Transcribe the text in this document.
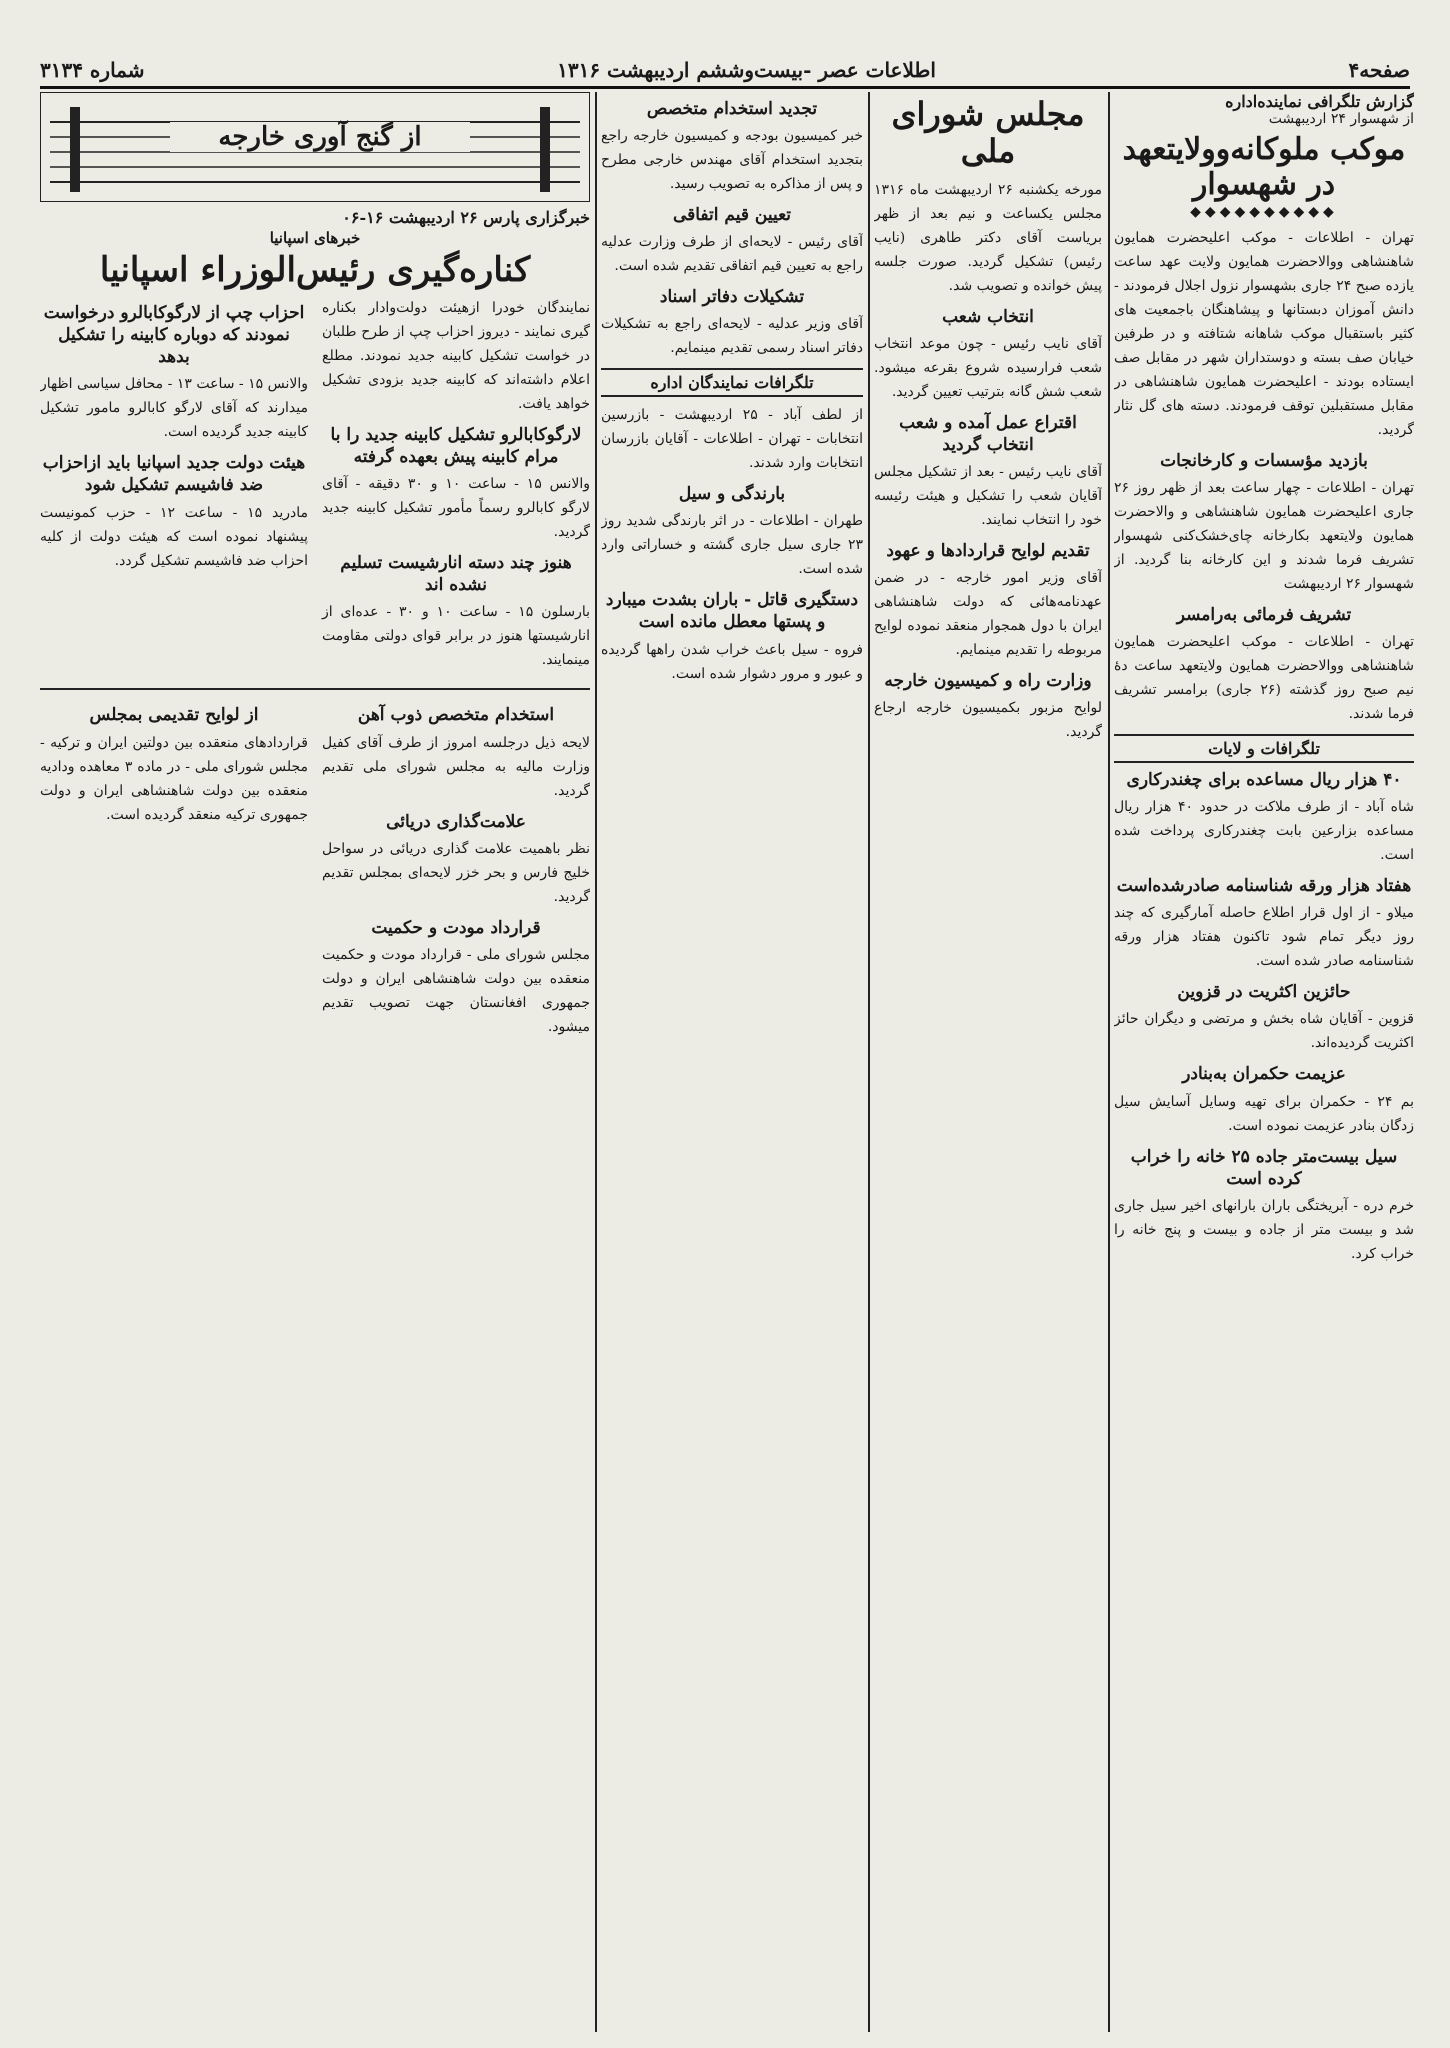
صفحه۴
اطلاعات عصر -بیست‌وششم اردیبهشت ۱۳۱۶
شماره ۳۱۳۴
گزارش تلگرافی نماینده‌اداره
از شهسوار ۲۴ اردیبهشت
موکب ملوکانه‌وولایتعهد در شهسوار
◆◆◆◆◆◆◆◆◆◆

تهران - اطلاعات - موکب اعلیحضرت همایون شاهنشاهی ووالاحضرت همایون ولایت عهد ساعت یازده صبح ۲۴ جاری بشهسوار نزول اجلال فرمودند - دانش آموزان دبستانها و پیشاهنگان باجمعیت های کثیر باستقبال موکب شاهانه شتافته و در طرفین خیابان صف بسته و دوستداران شهر در مقابل صف ایستاده بودند - اعلیحضرت همایون شاهنشاهی در مقابل مستقبلین توقف فرمودند. دسته های گل نثار گردید.

بازدید مؤسسات و کارخانجات

تهران - اطلاعات - چهار ساعت بعد از ظهر روز ۲۶ جاری اعلیحضرت همایون شاهنشاهی و والاحضرت همایون ولایتعهد بکارخانه چای‌خشک‌کنی شهسوار تشریف فرما شدند و این کارخانه بنا گردید. از شهسوار ۲۶ اردیبهشت

تشریف فرمائی به‌رامسر

تهران - اطلاعات - موکب اعلیحضرت همایون شاهنشاهی ووالاحضرت همایون ولایتعهد ساعت دهٔ نیم صبح روز گذشته (۲۶ جاری) برامسر تشریف فرما شدند.

تلگرافات و لایات
۴۰ هزار ریال مساعده برای چغندرکاری

شاه آباد - از طرف ملاکت در حدود ۴۰ هزار ریال مساعده بزارعین بابت چغندرکاری پرداخت شده است.

هفتاد هزار ورقه شناسنامه صادرشده‌است

میلاو - از اول قرار اطلاع حاصله آمارگیری که چند روز دیگر تمام شود تاکنون هفتاد هزار ورقه شناسنامه صادر شده است.

حائزین اکثریت در قزوین

قزوین - آقایان شاه بخش و مرتضی و دیگران حائز اکثریت گردیده‌اند.

عزیمت حکمران به‌بنادر

بم ۲۴ - حکمران برای تهیه وسایل آسایش سیل زدگان بنادر عزیمت نموده است.

سیل بیست‌متر جاده ۲۵ خانه را خراب کرده است

خرم دره - آبریختگی باران بارانهای اخیر سیل جاری شد و بیست متر از جاده و بیست و پنج خانه را خراب کرد.

مجلس شورای ملی

مورخه یکشنبه ۲۶ اردیبهشت ماه ۱۳۱۶ مجلس یکساعت و نیم بعد از ظهر بریاست آقای دکتر طاهری (نایب رئیس) تشکیل گردید. صورت جلسه پیش خوانده و تصویب شد.

انتخاب شعب

آقای نایب رئیس - چون موعد انتخاب شعب فرارسیده شروع بقرعه میشود. شعب شش گانه بترتیب تعیین گردید.

اقتراع عمل آمده و شعب انتخاب گردید

آقای نایب رئیس - بعد از تشکیل مجلس آقایان شعب را تشکیل و هیئت رئیسه خود را انتخاب نمایند.

تقدیم لوایح قراردادها و عهود

آقای وزیر امور خارجه - در ضمن عهدنامه‌هائی که دولت شاهنشاهی ایران با دول همجوار منعقد نموده لوایح مربوطه را تقدیم مینمایم.

وزارت راه و کمیسیون خارجه

لوایح مزبور بکمیسیون خارجه ارجاع گردید.

تجدید استخدام متخصص

خبر کمیسیون بودجه و کمیسیون خارجه راجع بتجدید استخدام آقای مهندس خارجی مطرح و پس از مذاکره به تصویب رسید.

تعیین قیم اتفاقی

آقای رئیس - لایحه‌ای از طرف وزارت عدلیه راجع به تعیین قیم اتفاقی تقدیم شده است.

تشکیلات دفاتر اسناد

آقای وزیر عدلیه - لایحه‌ای راجع به تشکیلات دفاتر اسناد رسمی تقدیم مینمایم.

تلگرافات نمایندگان اداره

از لطف آباد - ۲۵ اردیبهشت - بازرسین انتخابات - تهران - اطلاعات - آقایان بازرسان انتخابات وارد شدند.

بارندگی و سیل

طهران - اطلاعات - در اثر بارندگی شدید روز ۲۳ جاری سیل جاری گشته و خساراتی وارد شده است.

دستگیری قاتل - باران بشدت میبارد و پستها معطل مانده است

فروه - سیل باعث خراب شدن راهها گردیده و عبور و مرور دشوار شده است.

از گنج آوری خارجه
خبرگزاری پارس ۲۶ اردیبهشت ۱۶-۰۶
خبرهای اسپانیا
کناره‌گیری رئیس‌الوزراء اسپانیا

نمایندگان خودرا ازهیئت دولت‌وادار بکناره گیری نمایند - دیروز احزاب چپ از طرح طلبان در خواست تشکیل کابینه جدید نمودند. مطلع اعلام داشته‌اند که کابینه جدید بزودی تشکیل خواهد یافت.

لارگوکابالرو تشکیل کابینه جدید را با مرام کابینه پیش بعهده گرفته

والانس ۱۵ - ساعت ۱۰ و ۳۰ دقیقه - آقای لارگو کابالرو رسماً مأمور تشکیل کابینه جدید گردید.

هنوز چند دسته انارشیست تسلیم نشده اند

بارسلون ۱۵ - ساعت ۱۰ و ۳۰ - عده‌ای از انارشیستها هنوز در برابر قوای دولتی مقاومت مینمایند.

احزاب چپ از لارگوکابالرو درخواست نمودند که دوباره کابینه را تشکیل بدهد

والانس ۱۵ - ساعت ۱۳ - محافل سیاسی اظهار میدارند که آقای لارگو کابالرو مامور تشکیل کابینه جدید گردیده است.

هیئت دولت جدید اسپانیا باید ازاحزاب ضد فاشیسم تشکیل شود

مادرید ۱۵ - ساعت ۱۲ - حزب کمونیست پیشنهاد نموده است که هیئت دولت از کلیه احزاب ضد فاشیسم تشکیل گردد.

استخدام متخصص ذوب آهن

لایحه ذیل درجلسه امروز از طرف آقای کفیل وزارت مالیه به مجلس شورای ملی تقدیم گردید.

علامت‌گذاری دریائی

نظر باهمیت علامت گذاری دریائی در سواحل خلیج فارس و بحر خزر لایحه‌ای بمجلس تقدیم گردید.

قرارداد مودت و حکمیت

مجلس شورای ملی - قرارداد مودت و حکمیت منعقده بین دولت شاهنشاهی ایران و دولت جمهوری افغانستان جهت تصویب تقدیم میشود.

از لوایح تقدیمی بمجلس

قراردادهای منعقده بین دولتین ایران و ترکیه - مجلس شورای ملی - در ماده ۳ معاهده ودادیه منعقده بین دولت شاهنشاهی ایران و دولت جمهوری ترکیه منعقد گردیده است.
